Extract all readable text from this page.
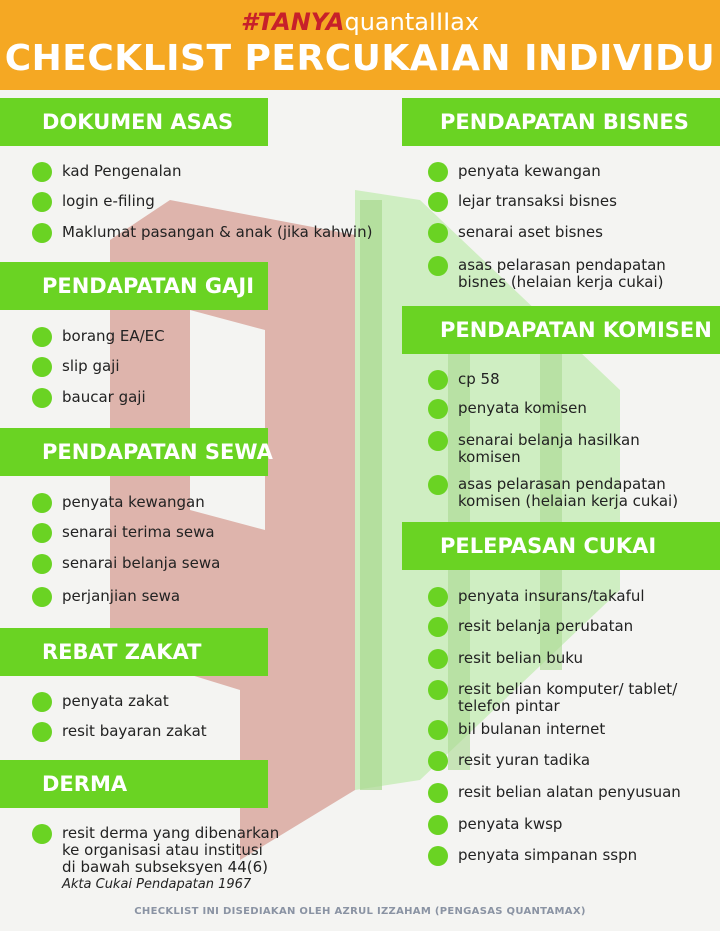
#TANYAquantaIIIax
CHECKLIST PERCUKAIAN INDIVIDU
DOKUMEN ASAS
kad Pengenalan
login e-filing
Maklumat pasangan & anak (jika kahwin)
PENDAPATAN GAJI
borang EA/EC
slip gaji
baucar gaji
PENDAPATAN SEWA
penyata kewangan
senarai terima sewa
senarai belanja sewa
perjanjian sewa
REBAT ZAKAT
penyata zakat
resit bayaran zakat
DERMA
resit derma yang dibenarkan
ke organisasi atau institusi
di bawah subseksyen 44(6)
Akta Cukai Pendapatan 1967
PENDAPATAN BISNES
penyata kewangan
lejar transaksi bisnes
senarai aset bisnes
asas pelarasan pendapatan
bisnes (helaian kerja cukai)
PENDAPATAN KOMISEN
cp 58
penyata komisen
senarai belanja hasilkan
komisen
asas pelarasan pendapatan
komisen (helaian kerja cukai)
PELEPASAN CUKAI
penyata insurans/takaful
resit belanja perubatan
resit belian buku
resit belian komputer/ tablet/
telefon pintar
bil bulanan internet
resit yuran tadika
resit belian alatan penyusuan
penyata kwsp
penyata simpanan sspn
CHECKLIST INI DISEDIAKAN OLEH AZRUL IZZAHAM (PENGASAS QUANTAMAX)
